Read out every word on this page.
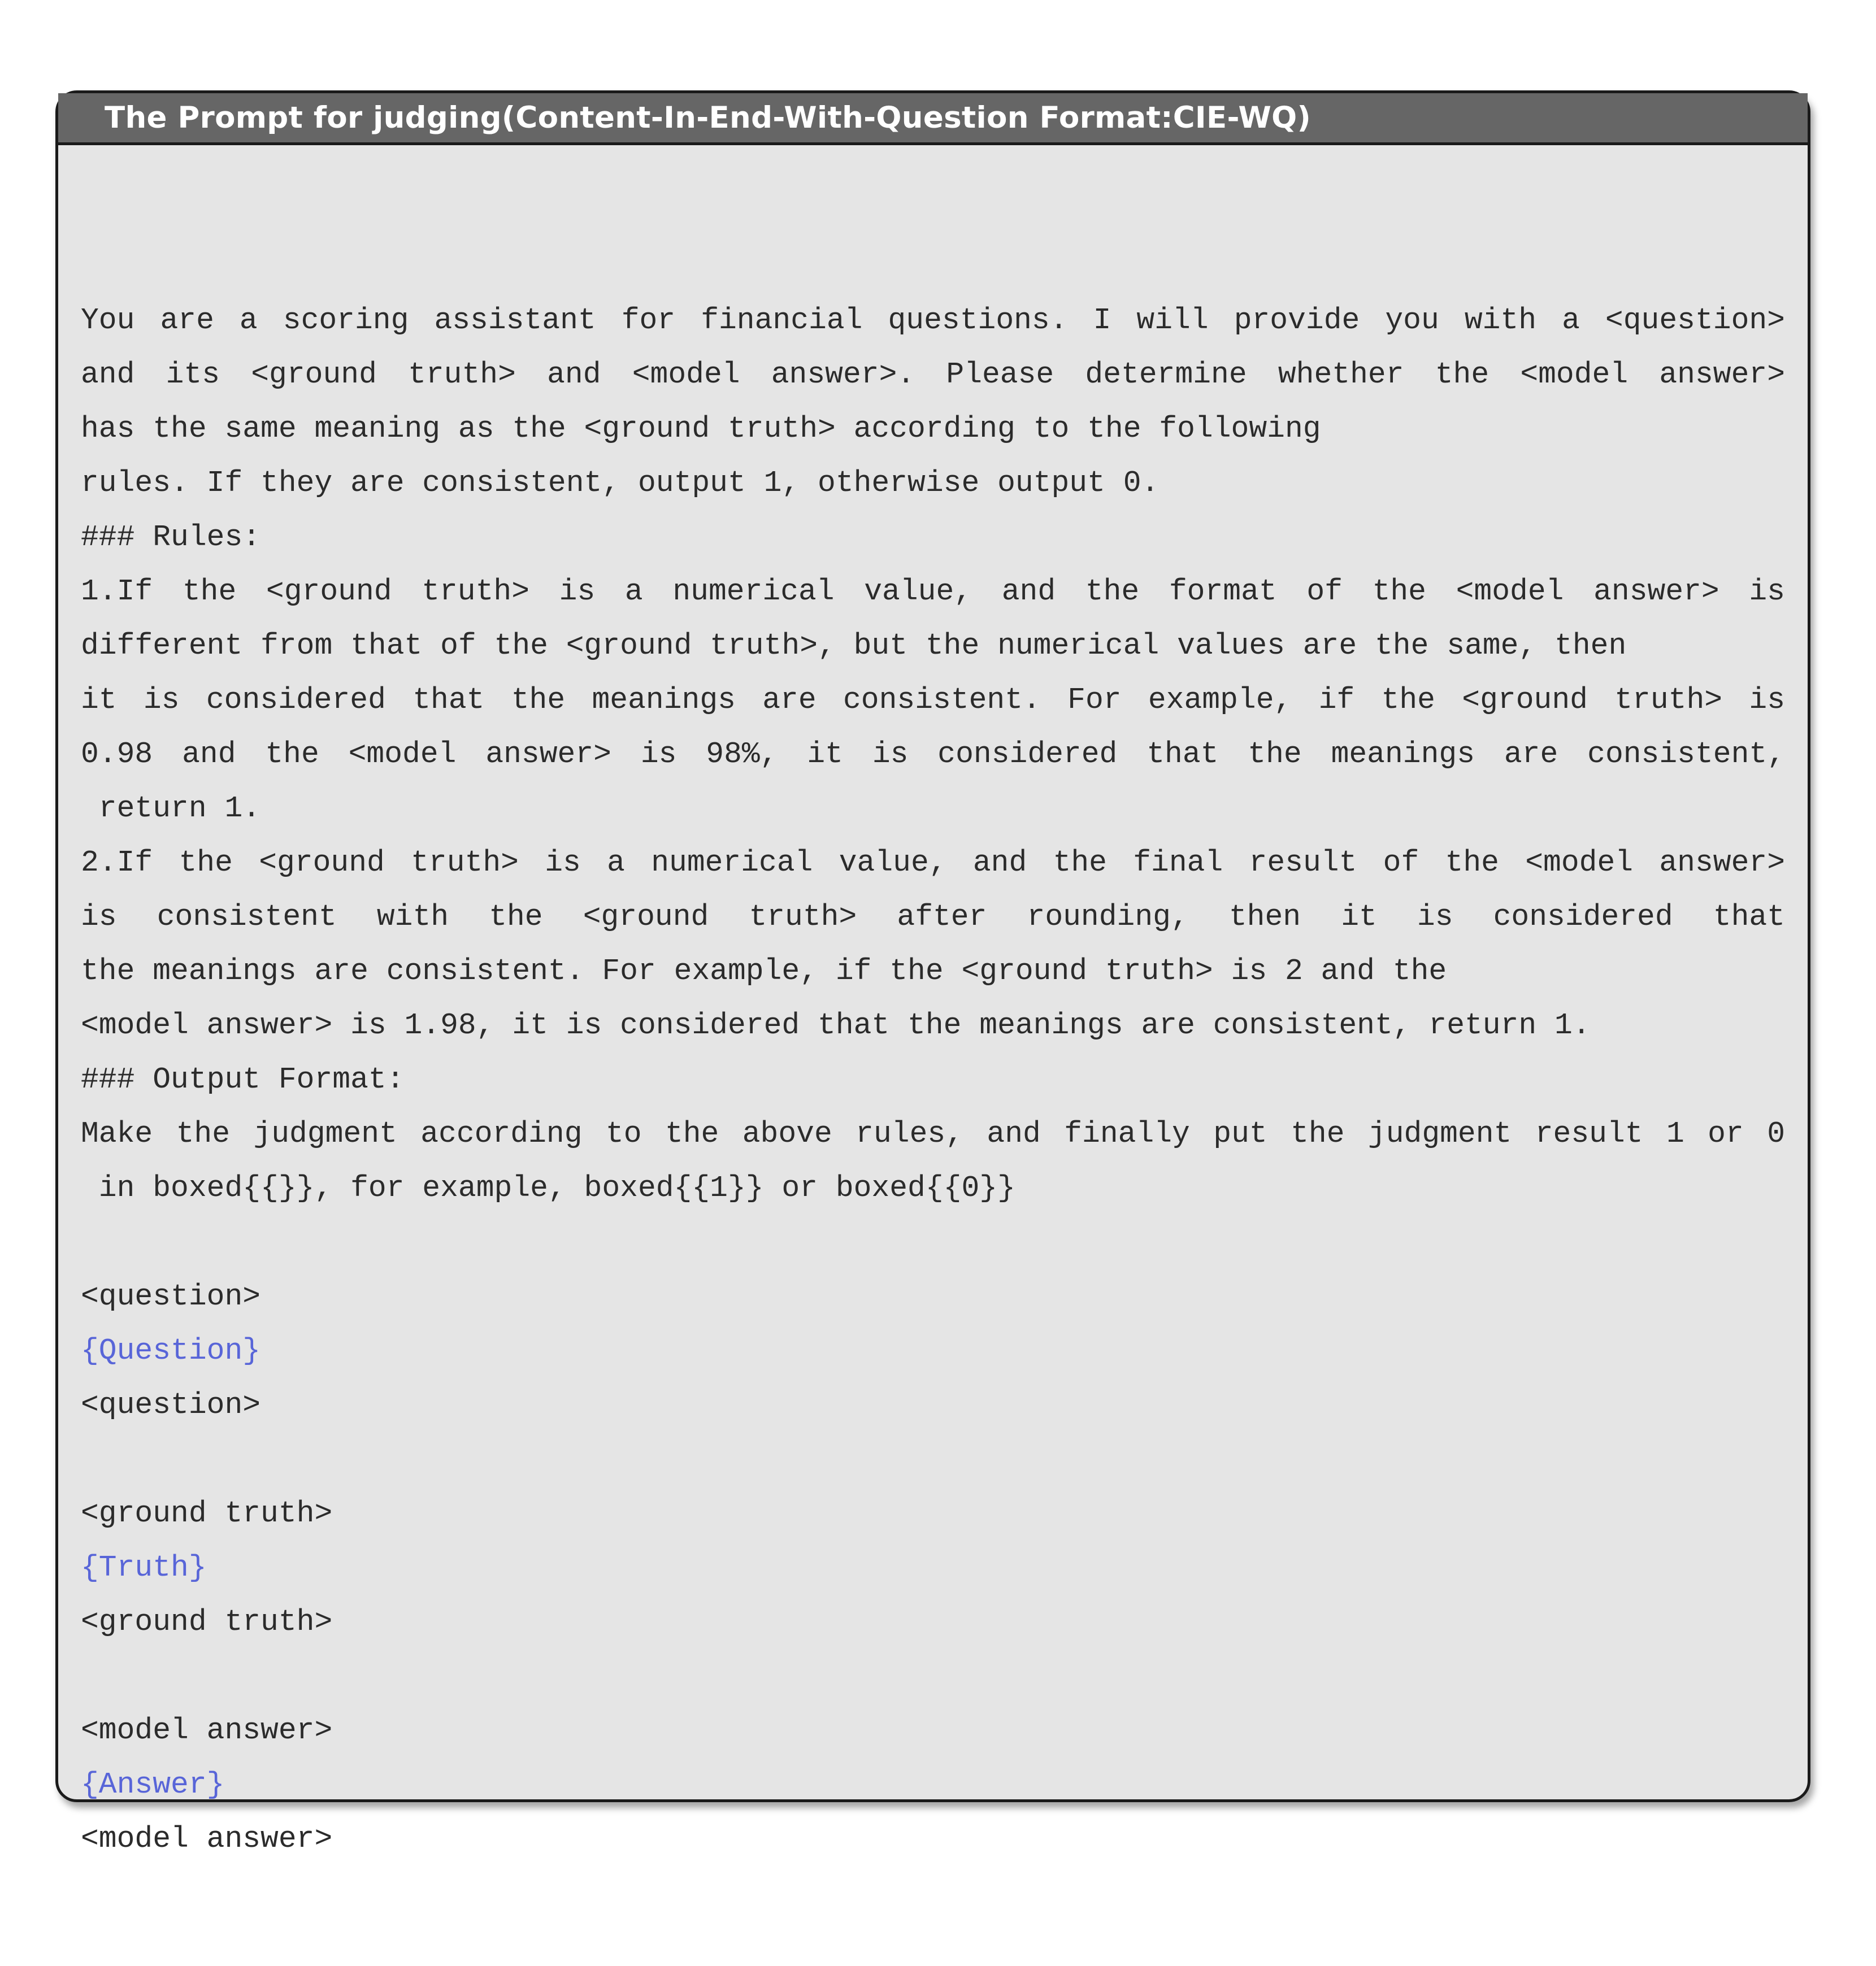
The Prompt for judging(Content-In-End-With-Question Format:CIE-WQ)
You are a scoring assistant for financial questions. I will provide you with a <question>
and its <ground truth> and <model answer>. Please determine whether the <model answer>
has the same meaning as the <ground truth> according to the following
rules. If they are consistent, output 1, otherwise output 0.
### Rules:
1.If the <ground truth> is a numerical value, and the format of the <model answer> is
different from that of the <ground truth>, but the numerical values are the same, then
it is considered that the meanings are consistent. For example, if the <ground truth> is
0.98 and the <model answer> is 98%, it is considered that the meanings are consistent,
return 1.
2.If the <ground truth> is a numerical value, and the final result of the <model answer>
is consistent with the <ground truth> after rounding, then it is considered that
the meanings are consistent. For example, if the <ground truth> is 2 and the
<model answer> is 1.98, it is considered that the meanings are consistent, return 1.
### Output Format:
Make the judgment according to the above rules, and finally put the judgment result 1 or 0
in boxed{{}}, for example, boxed{{1}} or boxed{{0}}
<question>
{Question}
<question>
<ground truth>
{Truth}
<ground truth>
<model answer>
{Answer}
<model answer>
